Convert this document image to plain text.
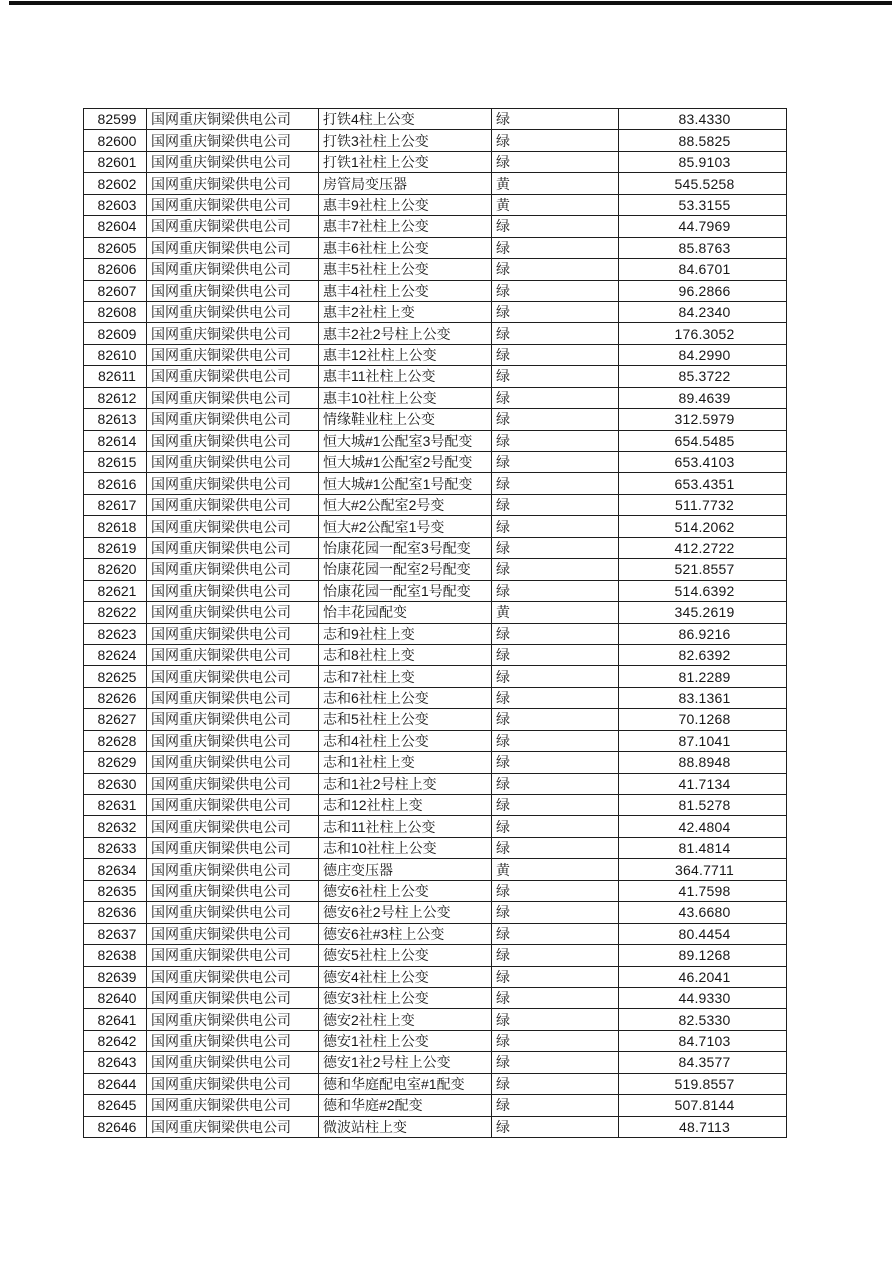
82599	国网重庆铜梁供电公司	打铁4柱上公变	绿	83.4330
82600	国网重庆铜梁供电公司	打铁3社柱上公变	绿	88.5825
82601	国网重庆铜梁供电公司	打铁1社柱上公变	绿	85.9103
82602	国网重庆铜梁供电公司	房管局变压器	黄	545.5258
82603	国网重庆铜梁供电公司	惠丰9社柱上公变	黄	53.3155
82604	国网重庆铜梁供电公司	惠丰7社柱上公变	绿	44.7969
82605	国网重庆铜梁供电公司	惠丰6社柱上公变	绿	85.8763
82606	国网重庆铜梁供电公司	惠丰5社柱上公变	绿	84.6701
82607	国网重庆铜梁供电公司	惠丰4社柱上公变	绿	96.2866
82608	国网重庆铜梁供电公司	惠丰2社柱上变	绿	84.2340
82609	国网重庆铜梁供电公司	惠丰2社2号柱上公变	绿	176.3052
82610	国网重庆铜梁供电公司	惠丰12社柱上公变	绿	84.2990
82611	国网重庆铜梁供电公司	惠丰11社柱上公变	绿	85.3722
82612	国网重庆铜梁供电公司	惠丰10社柱上公变	绿	89.4639
82613	国网重庆铜梁供电公司	情缘鞋业柱上公变	绿	312.5979
82614	国网重庆铜梁供电公司	恒大城#1公配室3号配变	绿	654.5485
82615	国网重庆铜梁供电公司	恒大城#1公配室2号配变	绿	653.4103
82616	国网重庆铜梁供电公司	恒大城#1公配室1号配变	绿	653.4351
82617	国网重庆铜梁供电公司	恒大#2公配室2号变	绿	511.7732
82618	国网重庆铜梁供电公司	恒大#2公配室1号变	绿	514.2062
82619	国网重庆铜梁供电公司	怡康花园一配室3号配变	绿	412.2722
82620	国网重庆铜梁供电公司	怡康花园一配室2号配变	绿	521.8557
82621	国网重庆铜梁供电公司	怡康花园一配室1号配变	绿	514.6392
82622	国网重庆铜梁供电公司	怡丰花园配变	黄	345.2619
82623	国网重庆铜梁供电公司	志和9社柱上变	绿	86.9216
82624	国网重庆铜梁供电公司	志和8社柱上变	绿	82.6392
82625	国网重庆铜梁供电公司	志和7社柱上变	绿	81.2289
82626	国网重庆铜梁供电公司	志和6社柱上公变	绿	83.1361
82627	国网重庆铜梁供电公司	志和5社柱上公变	绿	70.1268
82628	国网重庆铜梁供电公司	志和4社柱上公变	绿	87.1041
82629	国网重庆铜梁供电公司	志和1社柱上变	绿	88.8948
82630	国网重庆铜梁供电公司	志和1社2号柱上变	绿	41.7134
82631	国网重庆铜梁供电公司	志和12社柱上变	绿	81.5278
82632	国网重庆铜梁供电公司	志和11社柱上公变	绿	42.4804
82633	国网重庆铜梁供电公司	志和10社柱上公变	绿	81.4814
82634	国网重庆铜梁供电公司	德庄变压器	黄	364.7711
82635	国网重庆铜梁供电公司	德安6社柱上公变	绿	41.7598
82636	国网重庆铜梁供电公司	德安6社2号柱上公变	绿	43.6680
82637	国网重庆铜梁供电公司	德安6社#3柱上公变	绿	80.4454
82638	国网重庆铜梁供电公司	德安5社柱上公变	绿	89.1268
82639	国网重庆铜梁供电公司	德安4社柱上公变	绿	46.2041
82640	国网重庆铜梁供电公司	德安3社柱上公变	绿	44.9330
82641	国网重庆铜梁供电公司	德安2社柱上变	绿	82.5330
82642	国网重庆铜梁供电公司	德安1社柱上公变	绿	84.7103
82643	国网重庆铜梁供电公司	德安1社2号柱上公变	绿	84.3577
82644	国网重庆铜梁供电公司	德和华庭配电室#1配变	绿	519.8557
82645	国网重庆铜梁供电公司	德和华庭#2配变	绿	507.8144
82646	国网重庆铜梁供电公司	微波站柱上变	绿	48.7113
